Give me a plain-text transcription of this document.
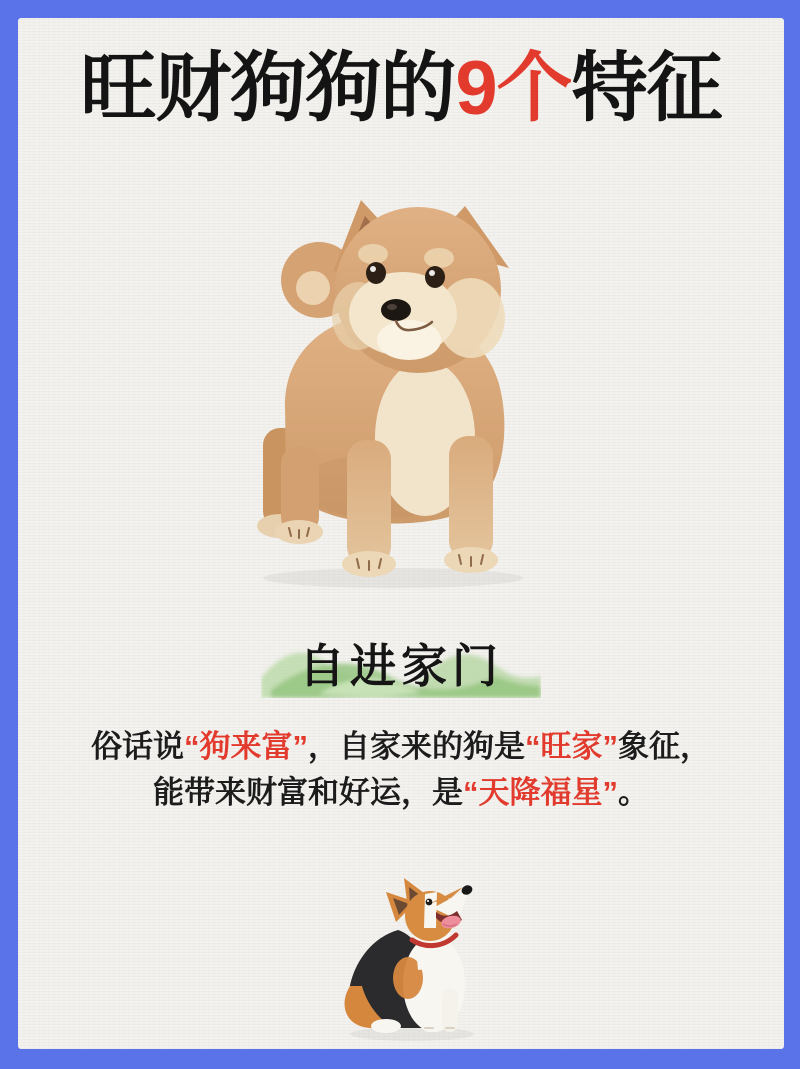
旺财狗狗的9个特征
自进家门
俗话说“狗来富”，自家来的狗是“旺家”象征，
能带来财富和好运，是“天降福星”。
